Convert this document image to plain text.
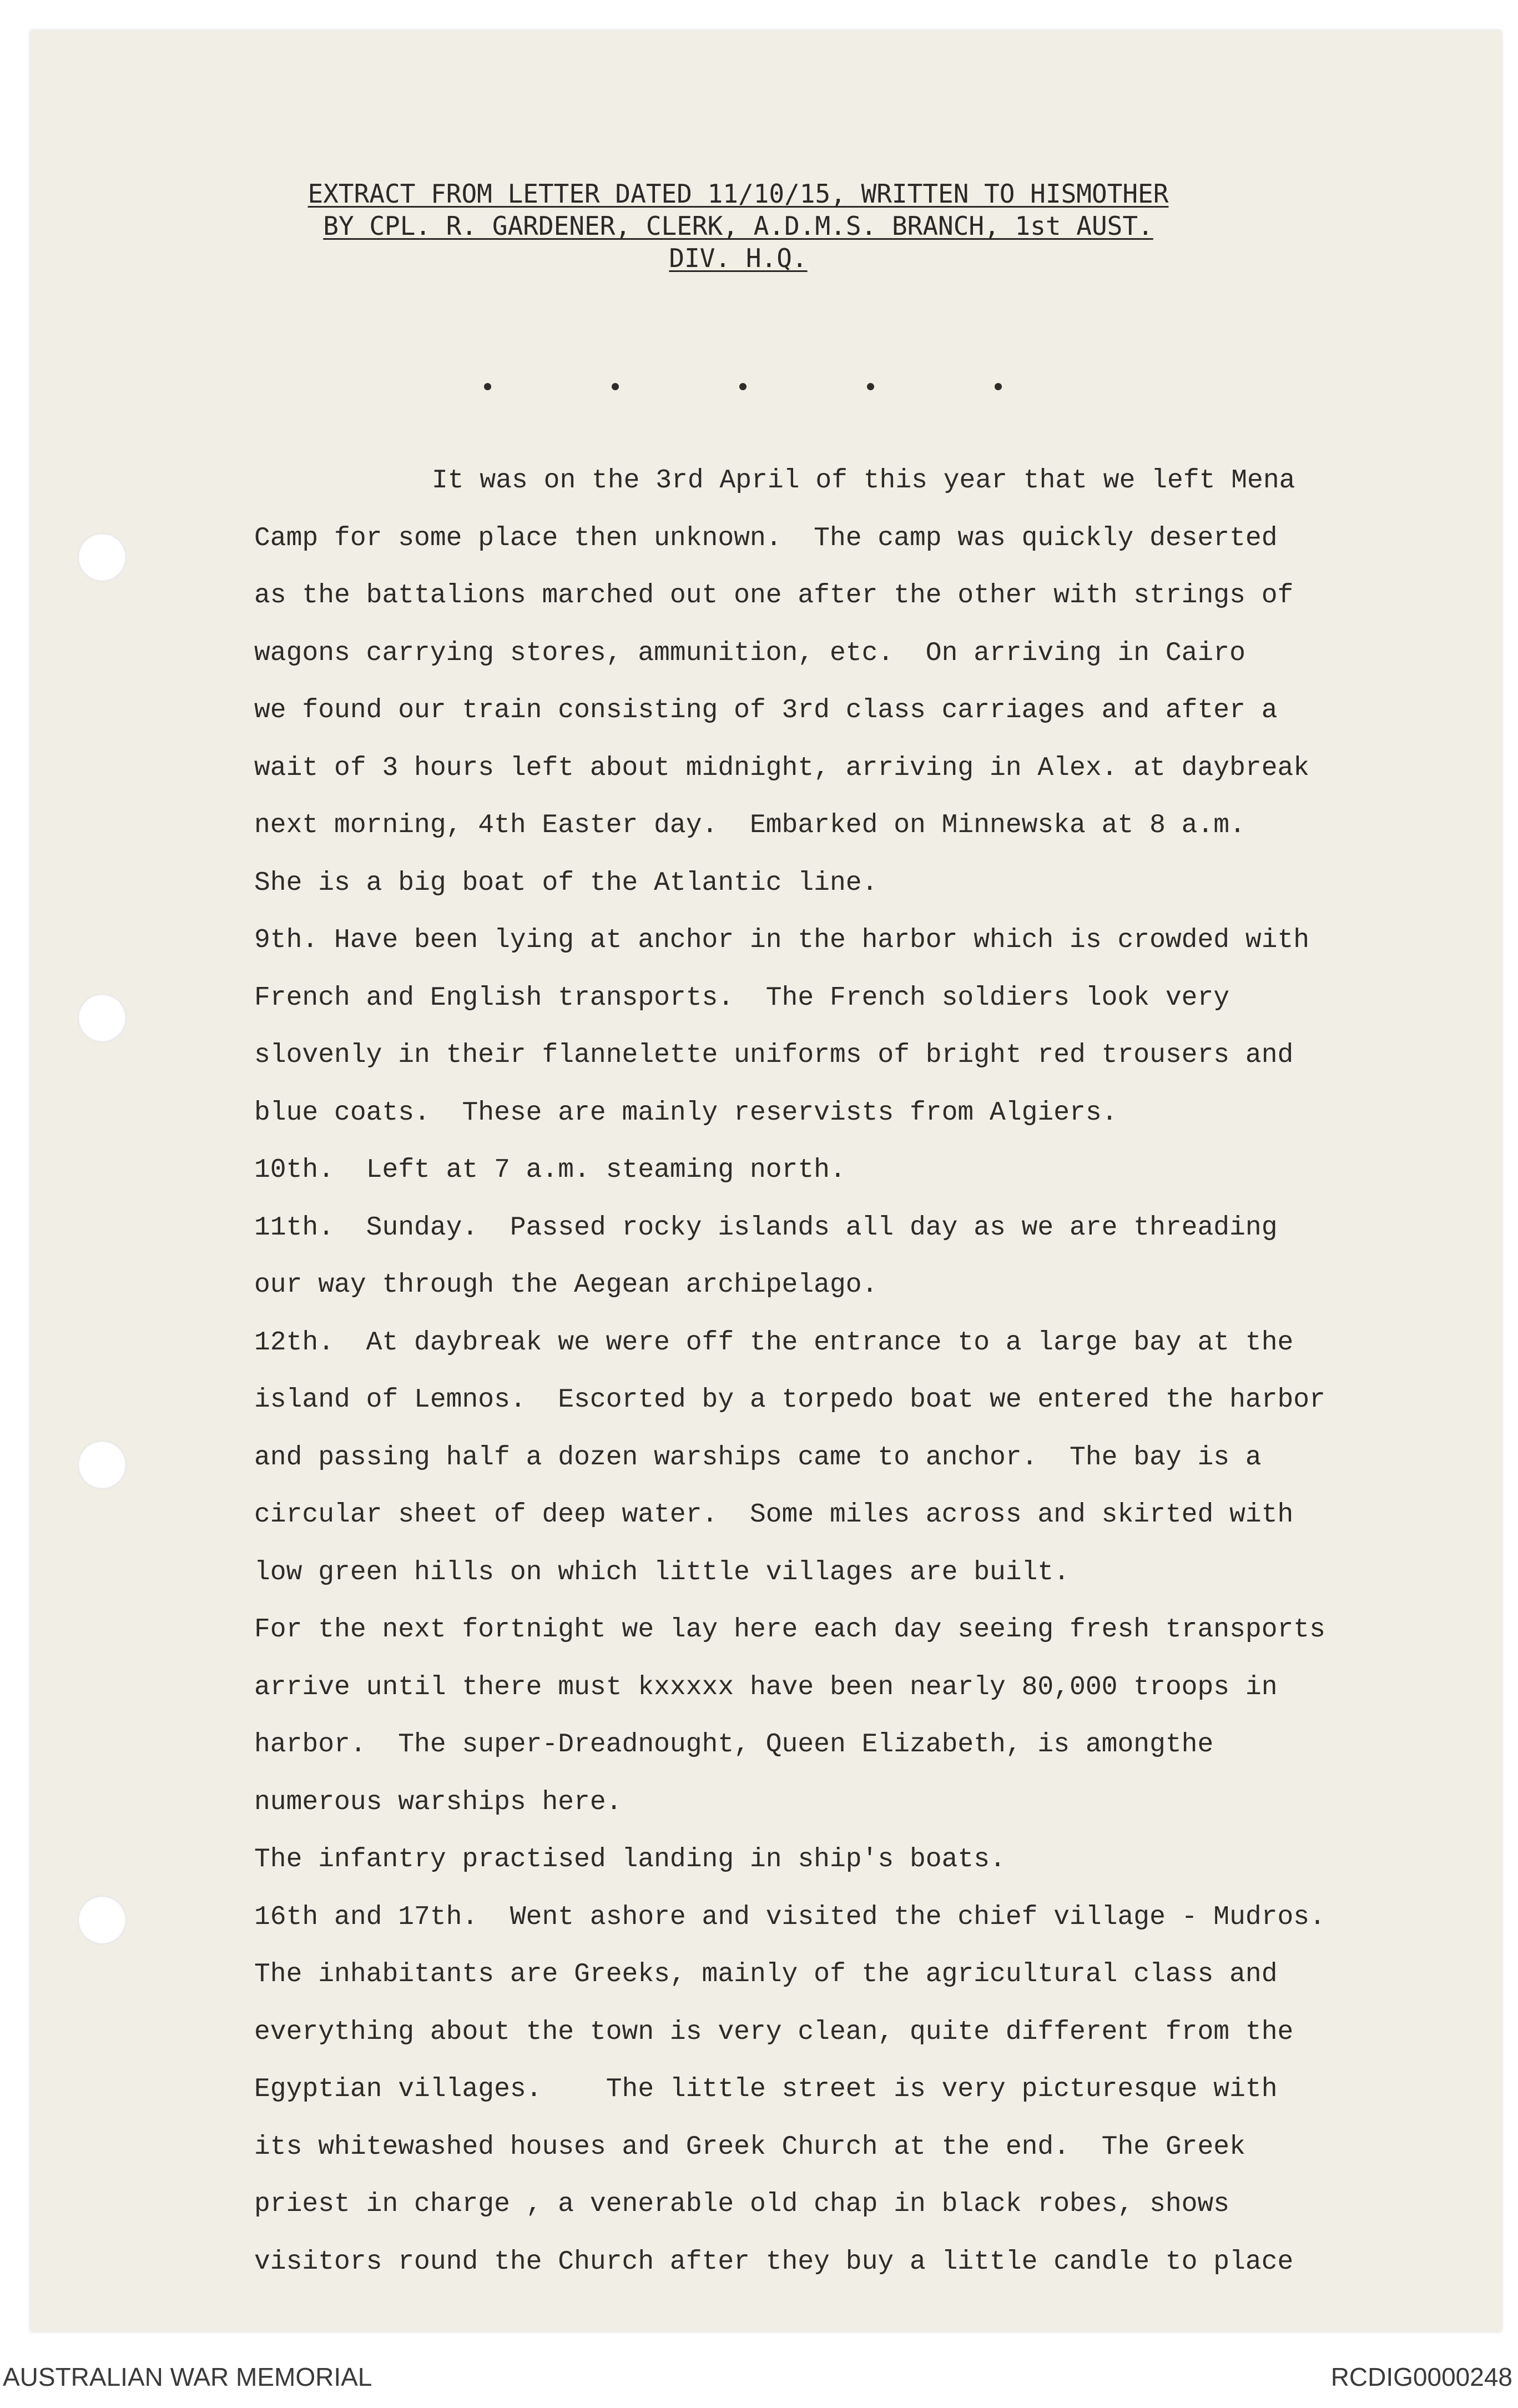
EXTRACT FROM LETTER DATED 11/10/15, WRITTEN TO HISMOTHER
BY CPL. R. GARDENER, CLERK, A.D.M.S. BRANCH, 1st AUST.
DIV. H.Q.
It was on the 3rd April of this year that we left Mena
Camp for some place then unknown.  The camp was quickly deserted
as the battalions marched out one after the other with strings of
wagons carrying stores, ammunition, etc.  On arriving in Cairo
we found our train consisting of 3rd class carriages and after a
wait of 3 hours left about midnight, arriving in Alex. at daybreak
next morning, 4th Easter day.  Embarked on Minnewska at 8 a.m.
She is a big boat of the Atlantic line.
9th. Have been lying at anchor in the harbor which is crowded with
French and English transports.  The French soldiers look very
slovenly in their flannelette uniforms of bright red trousers and
blue coats.  These are mainly reservists from Algiers.
10th.  Left at 7 a.m. steaming north.
11th.  Sunday.  Passed rocky islands all day as we are threading
our way through the Aegean archipelago.
12th.  At daybreak we were off the entrance to a large bay at the
island of Lemnos.  Escorted by a torpedo boat we entered the harbor
and passing half a dozen warships came to anchor.  The bay is a
circular sheet of deep water.  Some miles across and skirted with
low green hills on which little villages are built.
For the next fortnight we lay here each day seeing fresh transports
arrive until there must kxxxxx have been nearly 80,000 troops in
harbor.  The super-Dreadnought, Queen Elizabeth, is amongthe
numerous warships here.
The infantry practised landing in ship's boats.
16th and 17th.  Went ashore and visited the chief village - Mudros.
The inhabitants are Greeks, mainly of the agricultural class and
everything about the town is very clean, quite different from the
Egyptian villages.    The little street is very picturesque with
its whitewashed houses and Greek Church at the end.  The Greek
priest in charge , a venerable old chap in black robes, shows
visitors round the Church after they buy a little candle to place
AUSTRALIAN WAR MEMORIAL	RCDIG0000248
